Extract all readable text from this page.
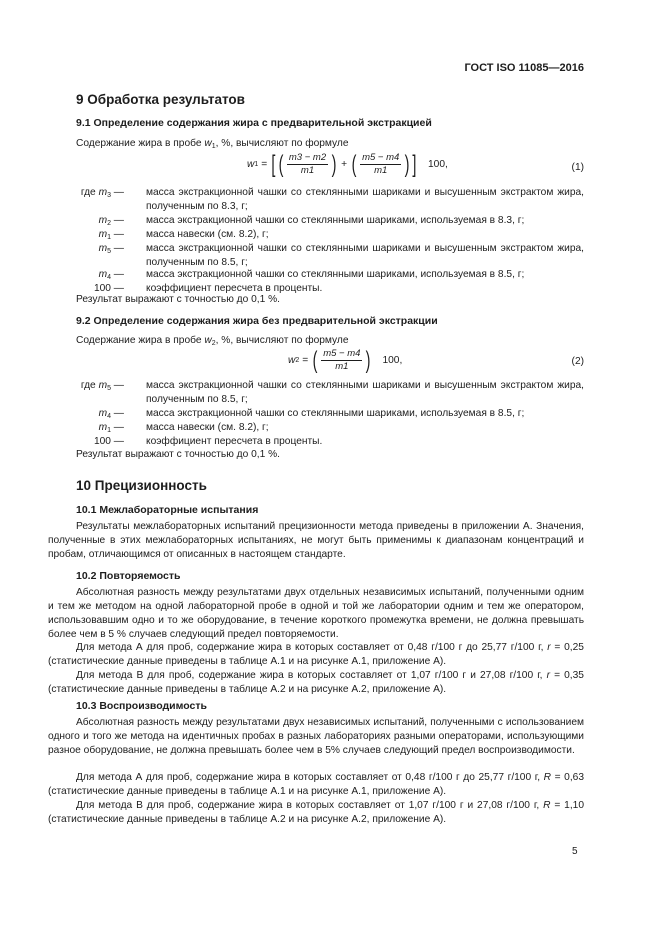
ГОСТ ISO 11085—2016
9 Обработка результатов
9.1 Определение содержания жира с предварительной экстракцией
Содержание жира в пробе $w_1$, %, вычисляют по формуле
w 1 = [ ( $\frac{m3 - m2}{m1}$ ) + ( $\frac{m5 - m4}{m1}$ ) ] 100,	(1)
где $m_3$ — масса экстракционной чашки со стеклянными шариками и высушенным экстрактом жира, полученным по 8.3, г;
$m_2$ — масса экстракционной чашки со стеклянными шариками, используемая в 8.3, г;
$m_1$ — масса навески (см. 8.2), г;
$m_5$ — масса экстракционной чашки со стеклянными шариками и высушенным экстрактом жира, полученным по 8.5, г;
$m_4$ — масса экстракционной чашки со стеклянными шариками, используемая в 8.5, г;
100 — коэффициент пересчета в проценты.
Результат выражают с точностью до 0,1 %.
9.2 Определение содержания жира без предварительной экстракции
Содержание жира в пробе $w_2$, %, вычисляют по формуле
w 2 = ( $\frac{m5 - m4}{m1}$ ) 100,	(2)
где $m_5$ — масса экстракционной чашки со стеклянными шариками и высушенным экстрактом жира, полученным по 8.5, г;
$m_4$ — масса экстракционной чашки со стеклянными шариками, используемая в 8.5, г;
$m_1$ — масса навески (см. 8.2), г;
100 — коэффициент пересчета в проценты.
Результат выражают с точностью до 0,1 %.
10 Прецизионность
10.1 Межлабораторные испытания
Результаты межлабораторных испытаний прецизионности метода приведены в приложении А. Значения, полученные в этих межлабораторных испытаниях, не могут быть применимы к диапазонам концентраций и пробам, отличающимся от описанных в настоящем стандарте.
10.2 Повторяемость
Абсолютная разность между результатами двух отдельных независимых испытаний, полученными одним и тем же методом на одной лабораторной пробе в одной и той же лаборатории одним и тем же оператором, использовавшим одно и то же оборудование, в течение короткого промежутка времени, не должна превышать более чем в 5 % случаев следующий предел повторяемости.
Для метода А для проб, содержание жира в которых составляет от 0,48 г/100 г до 25,77 г/100 г, r = 0,25 (статистические данные приведены в таблице А.1 и на рисунке А.1, приложение А).
Для метода В для проб, содержание жира в которых составляет от 1,07 г/100 г и 27,08 г/100 г, r = 0,35 (статистические данные приведены в таблице А.2 и на рисунке А.2, приложение А).
10.3 Воспроизводимость
Абсолютная разность между результатами двух независимых испытаний, полученными с использованием одного и того же метода на идентичных пробах в разных лабораториях разными операторами, использующими разное оборудование, не должна превышать более чем в 5% случаев следующий предел воспроизводимости.
Для метода А для проб, содержание жира в которых составляет от 0,48 г/100 г до 25,77 г/100 г, R = 0,63 (статистические данные приведены в таблице А.1 и на рисунке А.1, приложение А).
Для метода В для проб, содержание жира в которых составляет от 1,07 г/100 г и 27,08 г/100 г, R = 1,10 (статистические данные приведены в таблице А.2 и на рисунке А.2, приложение А).
5
